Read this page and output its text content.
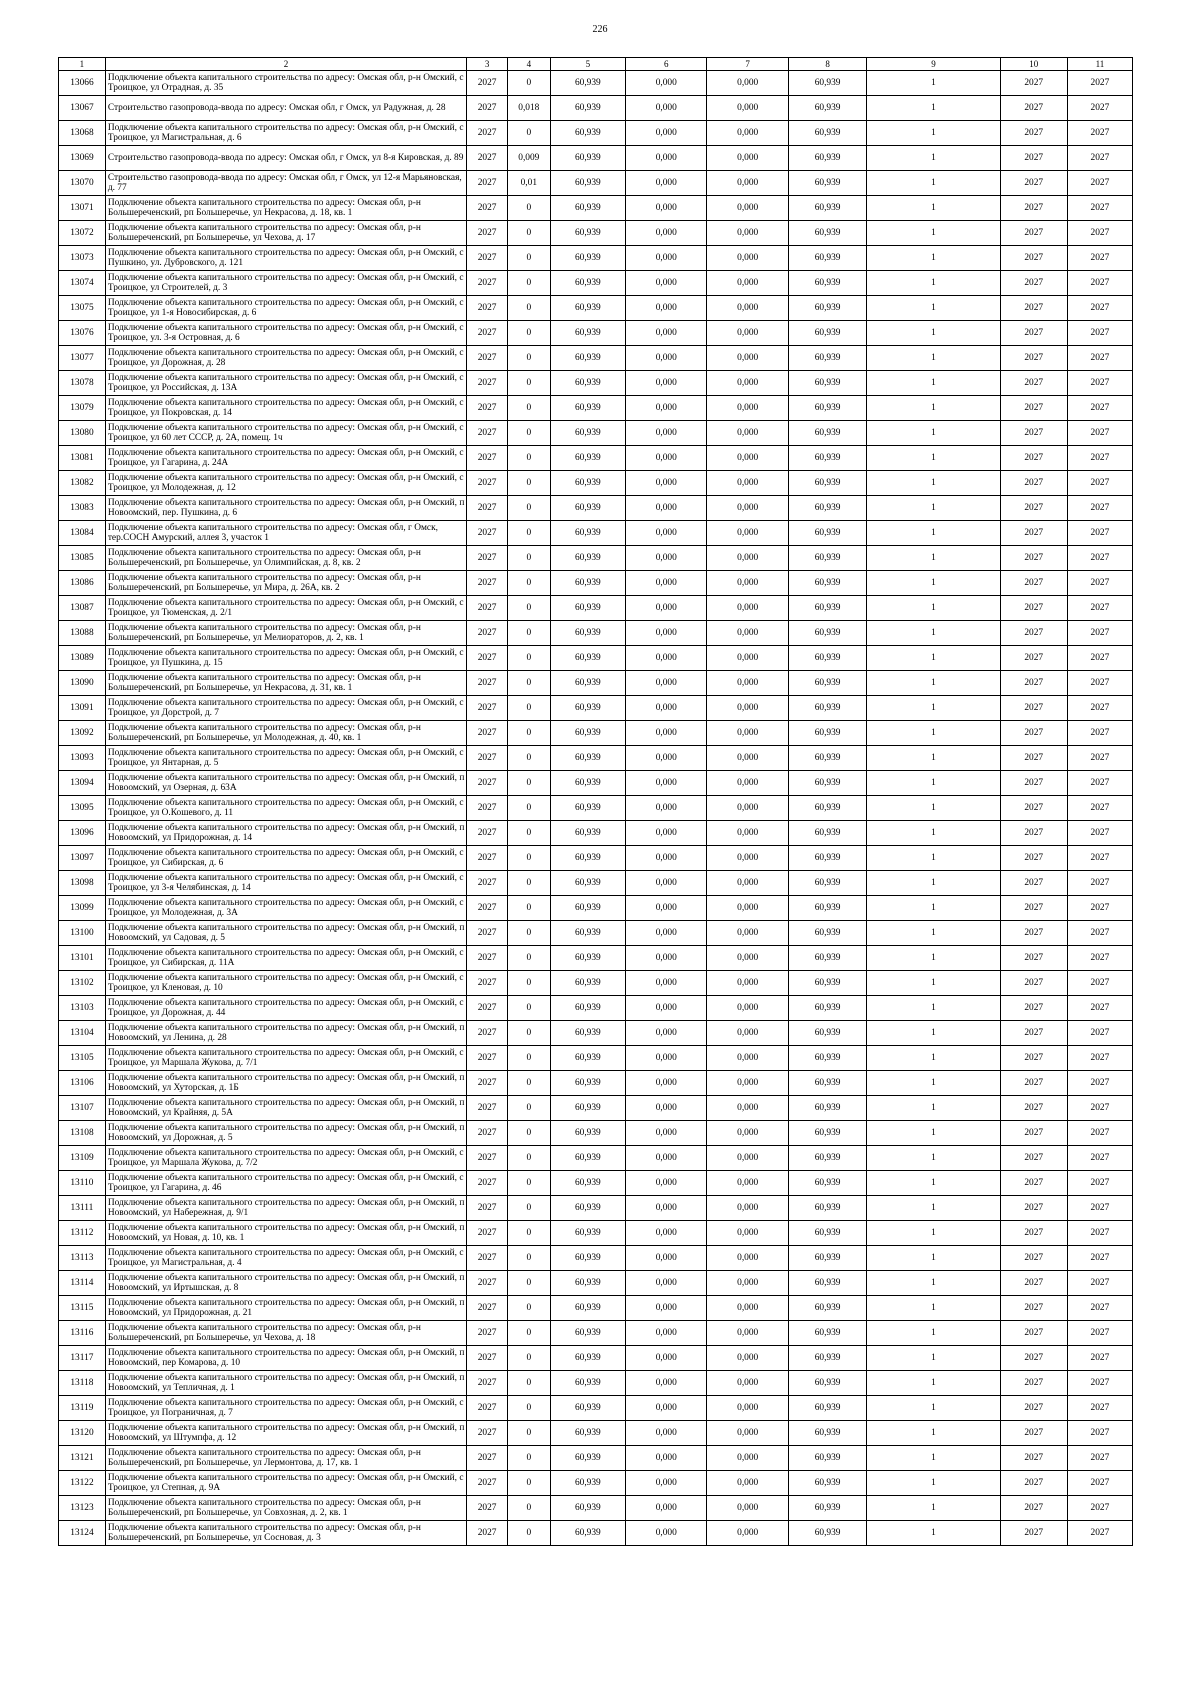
226
1	2	3	4	5	6	7	8	9	10	11
13066	Подключение объекта капитального строительства по адресу: Омская обл, р-н Омский, с Троицкое, ул Отрадная, д. 35	2027	0	60,939	0,000	0,000	60,939	1	2027	2027
13067	Строительство газопровода-ввода по адресу: Омская обл, г Омск, ул Радужная, д. 28	2027	0,018	60,939	0,000	0,000	60,939	1	2027	2027
13068	Подключение объекта капитального строительства по адресу: Омская обл, р-н Омский, с Троицкое, ул Магистральная, д. 6	2027	0	60,939	0,000	0,000	60,939	1	2027	2027
13069	Строительство газопровода-ввода по адресу: Омская обл, г Омск, ул 8-я Кировская, д. 89	2027	0,009	60,939	0,000	0,000	60,939	1	2027	2027
13070	Строительство газопровода-ввода по адресу: Омская обл, г Омск, ул 12-я Марьяновская, д. 77	2027	0,01	60,939	0,000	0,000	60,939	1	2027	2027
13071	Подключение объекта капитального строительства по адресу: Омская обл, р-н Большереченский, рп Большеречье, ул Некрасова, д. 18, кв. 1	2027	0	60,939	0,000	0,000	60,939	1	2027	2027
13072	Подключение объекта капитального строительства по адресу: Омская обл, р-н Большереченский, рп Большеречье, ул Чехова, д. 17	2027	0	60,939	0,000	0,000	60,939	1	2027	2027
13073	Подключение объекта капитального строительства по адресу: Омская обл, р-н Омский, с Пушкино, ул. Дубровского, д. 121	2027	0	60,939	0,000	0,000	60,939	1	2027	2027
13074	Подключение объекта капитального строительства по адресу: Омская обл, р-н Омский, с Троицкое, ул Строителей, д. 3	2027	0	60,939	0,000	0,000	60,939	1	2027	2027
13075	Подключение объекта капитального строительства по адресу: Омская обл, р-н Омский, с Троицкое, ул 1-я Новосибирская, д. 6	2027	0	60,939	0,000	0,000	60,939	1	2027	2027
13076	Подключение объекта капитального строительства по адресу: Омская обл, р-н Омский, с Троицкое, ул. 3-я Островная, д. 6	2027	0	60,939	0,000	0,000	60,939	1	2027	2027
13077	Подключение объекта капитального строительства по адресу: Омская обл, р-н Омский, с Троицкое, ул Дорожная, д. 28	2027	0	60,939	0,000	0,000	60,939	1	2027	2027
13078	Подключение объекта капитального строительства по адресу: Омская обл, р-н Омский, с Троицкое, ул Российская, д. 13А	2027	0	60,939	0,000	0,000	60,939	1	2027	2027
13079	Подключение объекта капитального строительства по адресу: Омская обл, р-н Омский, с Троицкое, ул Покровская, д. 14	2027	0	60,939	0,000	0,000	60,939	1	2027	2027
13080	Подключение объекта капитального строительства по адресу: Омская обл, р-н Омский, с Троицкое, ул 60 лет СССР, д. 2А, помещ. 1ч	2027	0	60,939	0,000	0,000	60,939	1	2027	2027
13081	Подключение объекта капитального строительства по адресу: Омская обл, р-н Омский, с Троицкое, ул Гагарина, д. 24А	2027	0	60,939	0,000	0,000	60,939	1	2027	2027
13082	Подключение объекта капитального строительства по адресу: Омская обл, р-н Омский, с Троицкое, ул Молодежная, д. 12	2027	0	60,939	0,000	0,000	60,939	1	2027	2027
13083	Подключение объекта капитального строительства по адресу: Омская обл, р-н Омский, п Новоомский, пер. Пушкина, д. 6	2027	0	60,939	0,000	0,000	60,939	1	2027	2027
13084	Подключение объекта капитального строительства по адресу: Омская обл, г Омск, тер.СОСН Амурский, аллея 3, участок 1	2027	0	60,939	0,000	0,000	60,939	1	2027	2027
13085	Подключение объекта капитального строительства по адресу: Омская обл, р-н Большереченский, рп Большеречье, ул Олимпийская, д. 8, кв. 2	2027	0	60,939	0,000	0,000	60,939	1	2027	2027
13086	Подключение объекта капитального строительства по адресу: Омская обл, р-н Большереченский, рп Большеречье, ул Мира, д. 26А, кв. 2	2027	0	60,939	0,000	0,000	60,939	1	2027	2027
13087	Подключение объекта капитального строительства по адресу: Омская обл, р-н Омский, с Троицкое, ул Тюменская, д. 2/1	2027	0	60,939	0,000	0,000	60,939	1	2027	2027
13088	Подключение объекта капитального строительства по адресу: Омская обл, р-н Большереченский, рп Большеречье, ул Мелиораторов, д. 2, кв. 1	2027	0	60,939	0,000	0,000	60,939	1	2027	2027
13089	Подключение объекта капитального строительства по адресу: Омская обл, р-н Омский, с Троицкое, ул Пушкина, д. 15	2027	0	60,939	0,000	0,000	60,939	1	2027	2027
13090	Подключение объекта капитального строительства по адресу: Омская обл, р-н Большереченский, рп Большеречье, ул Некрасова, д. 31, кв. 1	2027	0	60,939	0,000	0,000	60,939	1	2027	2027
13091	Подключение объекта капитального строительства по адресу: Омская обл, р-н Омский, с Троицкое, ул Дорстрой, д. 7	2027	0	60,939	0,000	0,000	60,939	1	2027	2027
13092	Подключение объекта капитального строительства по адресу: Омская обл, р-н Большереченский, рп Большеречье, ул Молодежная, д. 40, кв. 1	2027	0	60,939	0,000	0,000	60,939	1	2027	2027
13093	Подключение объекта капитального строительства по адресу: Омская обл, р-н Омский, с Троицкое, ул Янтарная, д. 5	2027	0	60,939	0,000	0,000	60,939	1	2027	2027
13094	Подключение объекта капитального строительства по адресу: Омская обл, р-н Омский, п Новоомский, ул Озерная, д. 63А	2027	0	60,939	0,000	0,000	60,939	1	2027	2027
13095	Подключение объекта капитального строительства по адресу: Омская обл, р-н Омский, с Троицкое, ул О.Кошевого, д. 11	2027	0	60,939	0,000	0,000	60,939	1	2027	2027
13096	Подключение объекта капитального строительства по адресу: Омская обл, р-н Омский, п Новоомский, ул Придорожная, д. 14	2027	0	60,939	0,000	0,000	60,939	1	2027	2027
13097	Подключение объекта капитального строительства по адресу: Омская обл, р-н Омский, с Троицкое, ул Сибирская, д. 6	2027	0	60,939	0,000	0,000	60,939	1	2027	2027
13098	Подключение объекта капитального строительства по адресу: Омская обл, р-н Омский, с Троицкое, ул 3-я Челябинская, д. 14	2027	0	60,939	0,000	0,000	60,939	1	2027	2027
13099	Подключение объекта капитального строительства по адресу: Омская обл, р-н Омский, с Троицкое, ул Молодежная, д. 3А	2027	0	60,939	0,000	0,000	60,939	1	2027	2027
13100	Подключение объекта капитального строительства по адресу: Омская обл, р-н Омский, п Новоомский, ул Садовая, д. 5	2027	0	60,939	0,000	0,000	60,939	1	2027	2027
13101	Подключение объекта капитального строительства по адресу: Омская обл, р-н Омский, с Троицкое, ул Сибирская, д. 11А	2027	0	60,939	0,000	0,000	60,939	1	2027	2027
13102	Подключение объекта капитального строительства по адресу: Омская обл, р-н Омский, с Троицкое, ул Кленовая, д. 10	2027	0	60,939	0,000	0,000	60,939	1	2027	2027
13103	Подключение объекта капитального строительства по адресу: Омская обл, р-н Омский, с Троицкое, ул Дорожная, д. 44	2027	0	60,939	0,000	0,000	60,939	1	2027	2027
13104	Подключение объекта капитального строительства по адресу: Омская обл, р-н Омский, п Новоомский, ул Ленина, д. 28	2027	0	60,939	0,000	0,000	60,939	1	2027	2027
13105	Подключение объекта капитального строительства по адресу: Омская обл, р-н Омский, с Троицкое, ул Маршала Жукова, д. 7/1	2027	0	60,939	0,000	0,000	60,939	1	2027	2027
13106	Подключение объекта капитального строительства по адресу: Омская обл, р-н Омский, п Новоомский, ул Хуторская, д. 1Б	2027	0	60,939	0,000	0,000	60,939	1	2027	2027
13107	Подключение объекта капитального строительства по адресу: Омская обл, р-н Омский, п Новоомский, ул Крайняя, д. 5А	2027	0	60,939	0,000	0,000	60,939	1	2027	2027
13108	Подключение объекта капитального строительства по адресу: Омская обл, р-н Омский, п Новоомский, ул Дорожная, д. 5	2027	0	60,939	0,000	0,000	60,939	1	2027	2027
13109	Подключение объекта капитального строительства по адресу: Омская обл, р-н Омский, с Троицкое, ул Маршала Жукова, д. 7/2	2027	0	60,939	0,000	0,000	60,939	1	2027	2027
13110	Подключение объекта капитального строительства по адресу: Омская обл, р-н Омский, с Троицкое, ул Гагарина, д. 46	2027	0	60,939	0,000	0,000	60,939	1	2027	2027
13111	Подключение объекта капитального строительства по адресу: Омская обл, р-н Омский, п Новоомский, ул Набережная, д. 9/1	2027	0	60,939	0,000	0,000	60,939	1	2027	2027
13112	Подключение объекта капитального строительства по адресу: Омская обл, р-н Омский, п Новоомский, ул Новая, д. 10, кв. 1	2027	0	60,939	0,000	0,000	60,939	1	2027	2027
13113	Подключение объекта капитального строительства по адресу: Омская обл, р-н Омский, с Троицкое, ул Магистральная, д. 4	2027	0	60,939	0,000	0,000	60,939	1	2027	2027
13114	Подключение объекта капитального строительства по адресу: Омская обл, р-н Омский, п Новоомский, ул Иртышская, д. 8	2027	0	60,939	0,000	0,000	60,939	1	2027	2027
13115	Подключение объекта капитального строительства по адресу: Омская обл, р-н Омский, п Новоомский, ул Придорожная, д. 21	2027	0	60,939	0,000	0,000	60,939	1	2027	2027
13116	Подключение объекта капитального строительства по адресу: Омская обл, р-н Большереченский, рп Большеречье, ул Чехова, д. 18	2027	0	60,939	0,000	0,000	60,939	1	2027	2027
13117	Подключение объекта капитального строительства по адресу: Омская обл, р-н Омский, п Новоомский, пер Комарова, д. 10	2027	0	60,939	0,000	0,000	60,939	1	2027	2027
13118	Подключение объекта капитального строительства по адресу: Омская обл, р-н Омский, п Новоомский, ул Тепличная, д. 1	2027	0	60,939	0,000	0,000	60,939	1	2027	2027
13119	Подключение объекта капитального строительства по адресу: Омская обл, р-н Омский, с Троицкое, ул Пограничная, д. 7	2027	0	60,939	0,000	0,000	60,939	1	2027	2027
13120	Подключение объекта капитального строительства по адресу: Омская обл, р-н Омский, п Новоомский, ул Штумпфа, д. 12	2027	0	60,939	0,000	0,000	60,939	1	2027	2027
13121	Подключение объекта капитального строительства по адресу: Омская обл, р-н Большереченский, рп Большеречье, ул Лермонтова, д. 17, кв. 1	2027	0	60,939	0,000	0,000	60,939	1	2027	2027
13122	Подключение объекта капитального строительства по адресу: Омская обл, р-н Омский, с Троицкое, ул Степная, д. 9А	2027	0	60,939	0,000	0,000	60,939	1	2027	2027
13123	Подключение объекта капитального строительства по адресу: Омская обл, р-н Большереченский, рп Большеречье, ул Совхозная, д. 2, кв. 1	2027	0	60,939	0,000	0,000	60,939	1	2027	2027
13124	Подключение объекта капитального строительства по адресу: Омская обл, р-н Большереченский, рп Большеречье, ул Сосновая, д. 3	2027	0	60,939	0,000	0,000	60,939	1	2027	2027
